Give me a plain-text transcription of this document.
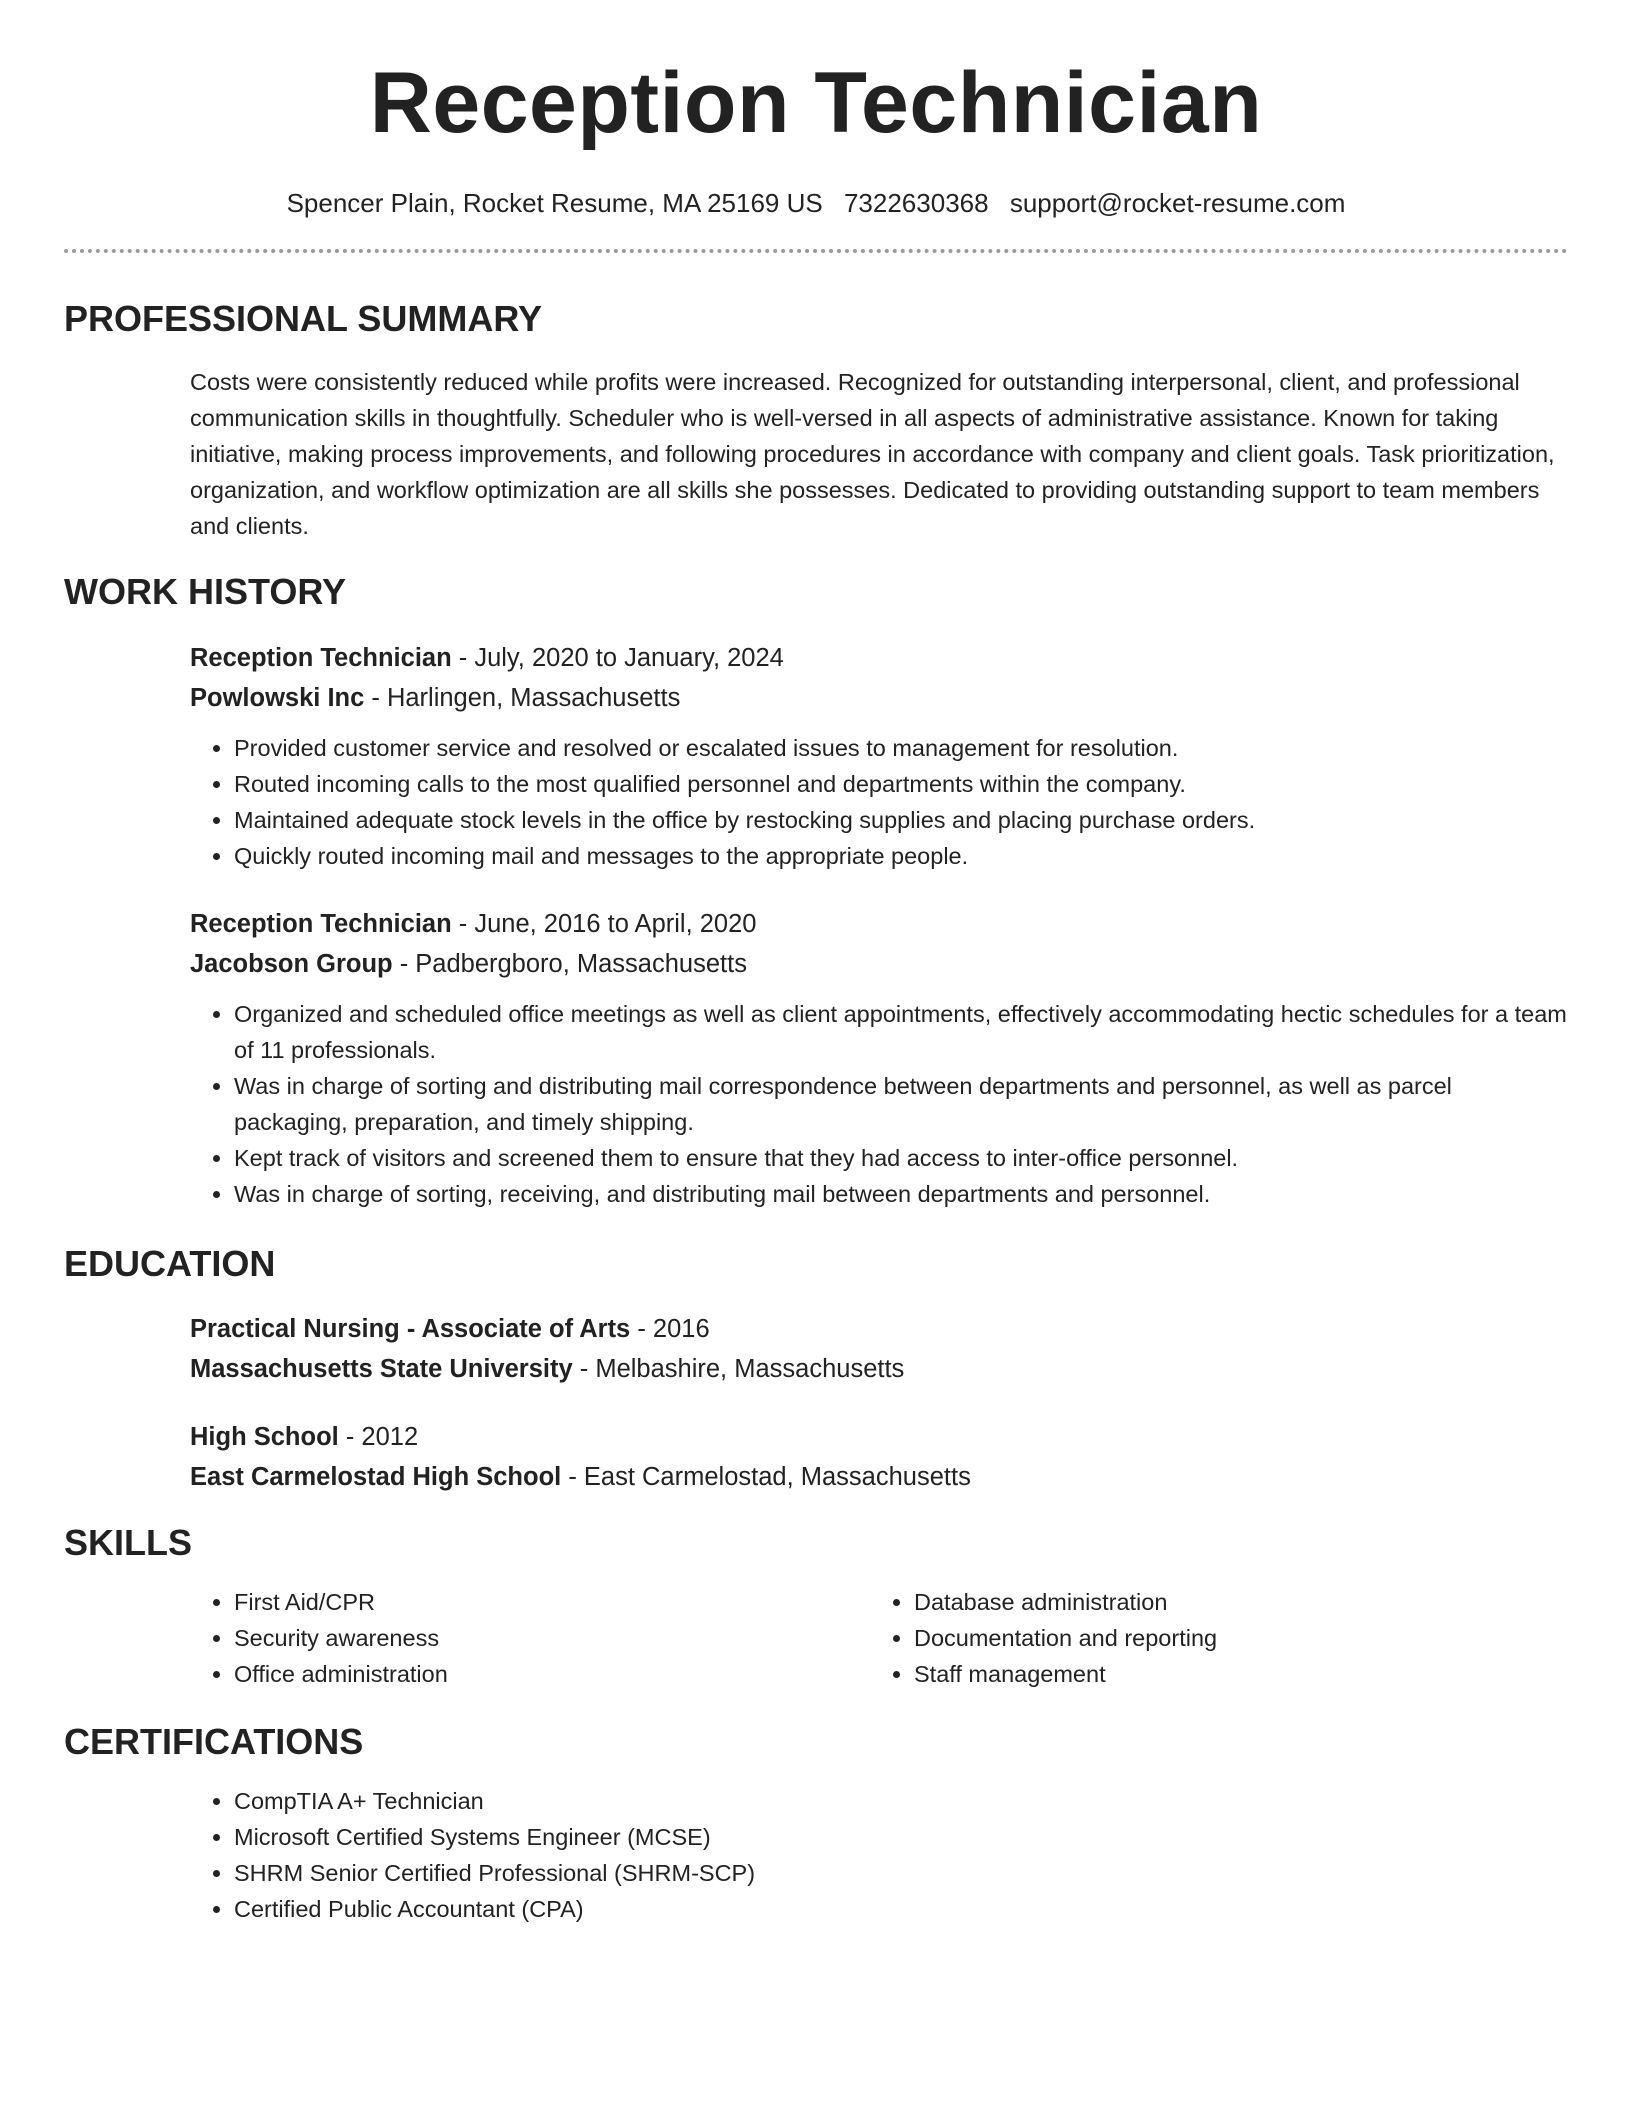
Reception Technician
Spencer Plain, Rocket Resume, MA 25169 US 7322630368 support@rocket-resume.com
PROFESSIONAL SUMMARY

Costs were consistently reduced while profits were increased. Recognized for outstanding interpersonal, client, and professional communication skills in thoughtfully. Scheduler who is well-versed in all aspects of administrative assistance. Known for taking initiative, making process improvements, and following procedures in accordance with company and client goals. Task prioritization, organization, and workflow optimization are all skills she possesses. Dedicated to providing outstanding support to team members and clients.

WORK HISTORY
Reception Technician - July, 2020 to January, 2024
Powlowski Inc - Harlingen, Massachusetts
• Provided customer service and resolved or escalated issues to management for resolution.
• Routed incoming calls to the most qualified personnel and departments within the company.
• Maintained adequate stock levels in the office by restocking supplies and placing purchase orders.
• Quickly routed incoming mail and messages to the appropriate people.
Reception Technician - June, 2016 to April, 2020
Jacobson Group - Padbergboro, Massachusetts
• Organized and scheduled office meetings as well as client appointments, effectively accommodating hectic schedules for a team of 11 professionals.
• Was in charge of sorting and distributing mail correspondence between departments and personnel, as well as parcel packaging, preparation, and timely shipping.
• Kept track of visitors and screened them to ensure that they had access to inter-office personnel.
• Was in charge of sorting, receiving, and distributing mail between departments and personnel.
EDUCATION
Practical Nursing - Associate of Arts - 2016
Massachusetts State University - Melbashire, Massachusetts
High School - 2012
East Carmelostad High School - East Carmelostad, Massachusetts
SKILLS
• First Aid/CPR
• Security awareness
• Office administration
• Database administration
• Documentation and reporting
• Staff management
CERTIFICATIONS
• CompTIA A+ Technician
• Microsoft Certified Systems Engineer (MCSE)
• SHRM Senior Certified Professional (SHRM-SCP)
• Certified Public Accountant (CPA)
